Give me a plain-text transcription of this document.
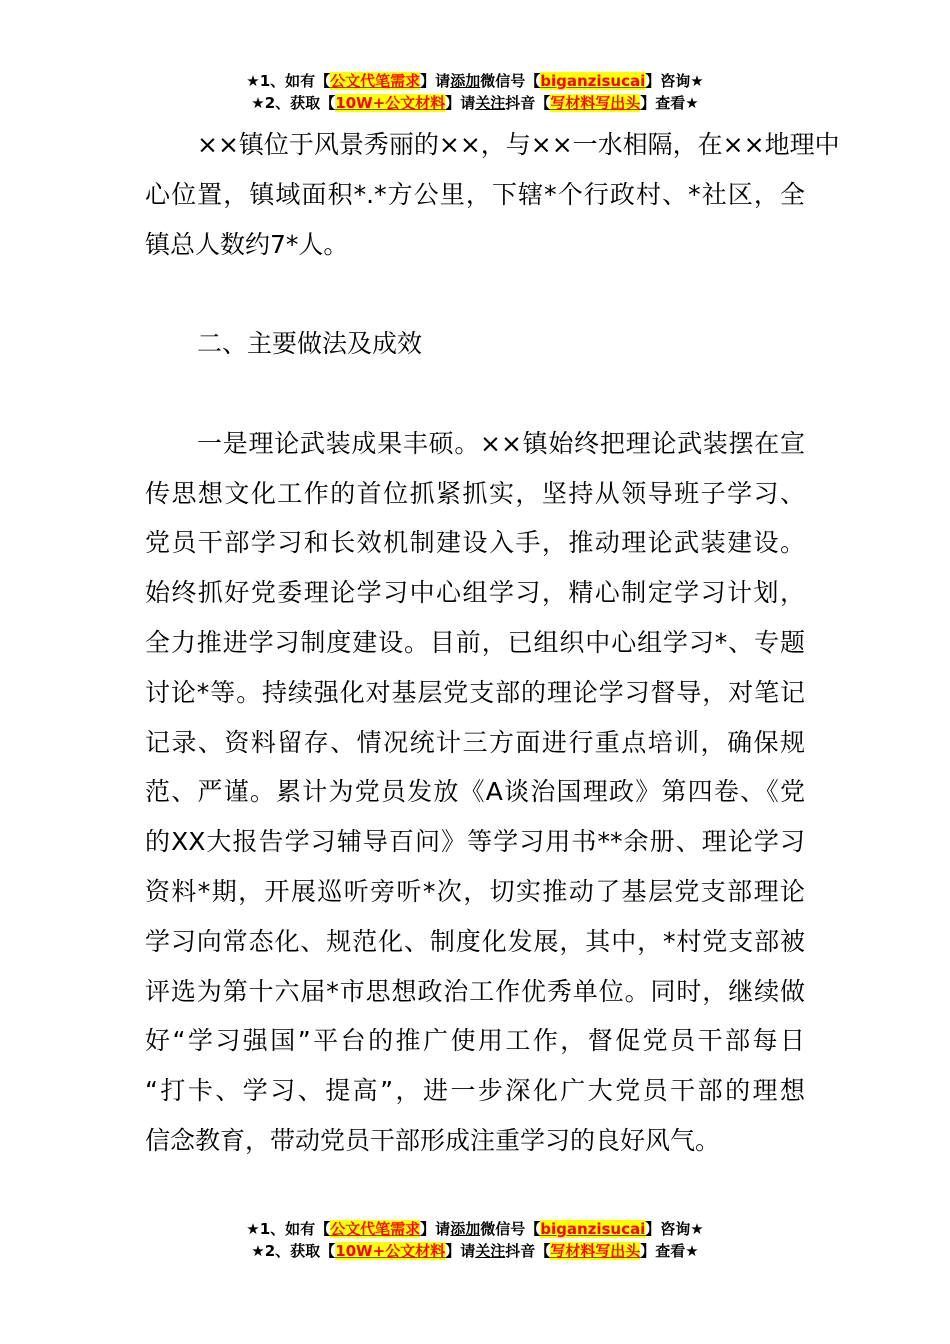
★1、如有【公文代笔需求】请添加微信号【biganzisucai】咨询★
★2、获取【10W+公文材料】请关注抖音【写材料写出头】查看★
××镇位于风景秀丽的××，与××一水相隔，在××地理中
心位置，镇域面积*.*方公里，下辖*个行政村、*社区，全
镇总人数约7*人。
二、主要做法及成效
一是理论武装成果丰硕。××镇始终把理论武装摆在宣
传思想文化工作的首位抓紧抓实，坚持从领导班子学习、
党员干部学习和长效机制建设入手，推动理论武装建设。
始终抓好党委理论学习中心组学习，精心制定学习计划，
全力推进学习制度建设。目前，已组织中心组学习*、专题
讨论*等。持续强化对基层党支部的理论学习督导，对笔记
记录、资料留存、情况统计三方面进行重点培训，确保规
范、严谨。累计为党员发放《A谈治国理政》第四卷、《党
的XX大报告学习辅导百问》等学习用书**余册、理论学习
资料*期，开展巡听旁听*次，切实推动了基层党支部理论
学习向常态化、规范化、制度化发展，其中，*村党支部被
评选为第十六届*市思想政治工作优秀单位。同时，继续做
好“学习强国”平台的推广使用工作，督促党员干部每日
“打卡、学习、提高”，进一步深化广大党员干部的理想
信念教育，带动党员干部形成注重学习的良好风气。
★1、如有【公文代笔需求】请添加微信号【biganzisucai】咨询★
★2、获取【10W+公文材料】请关注抖音【写材料写出头】查看★
